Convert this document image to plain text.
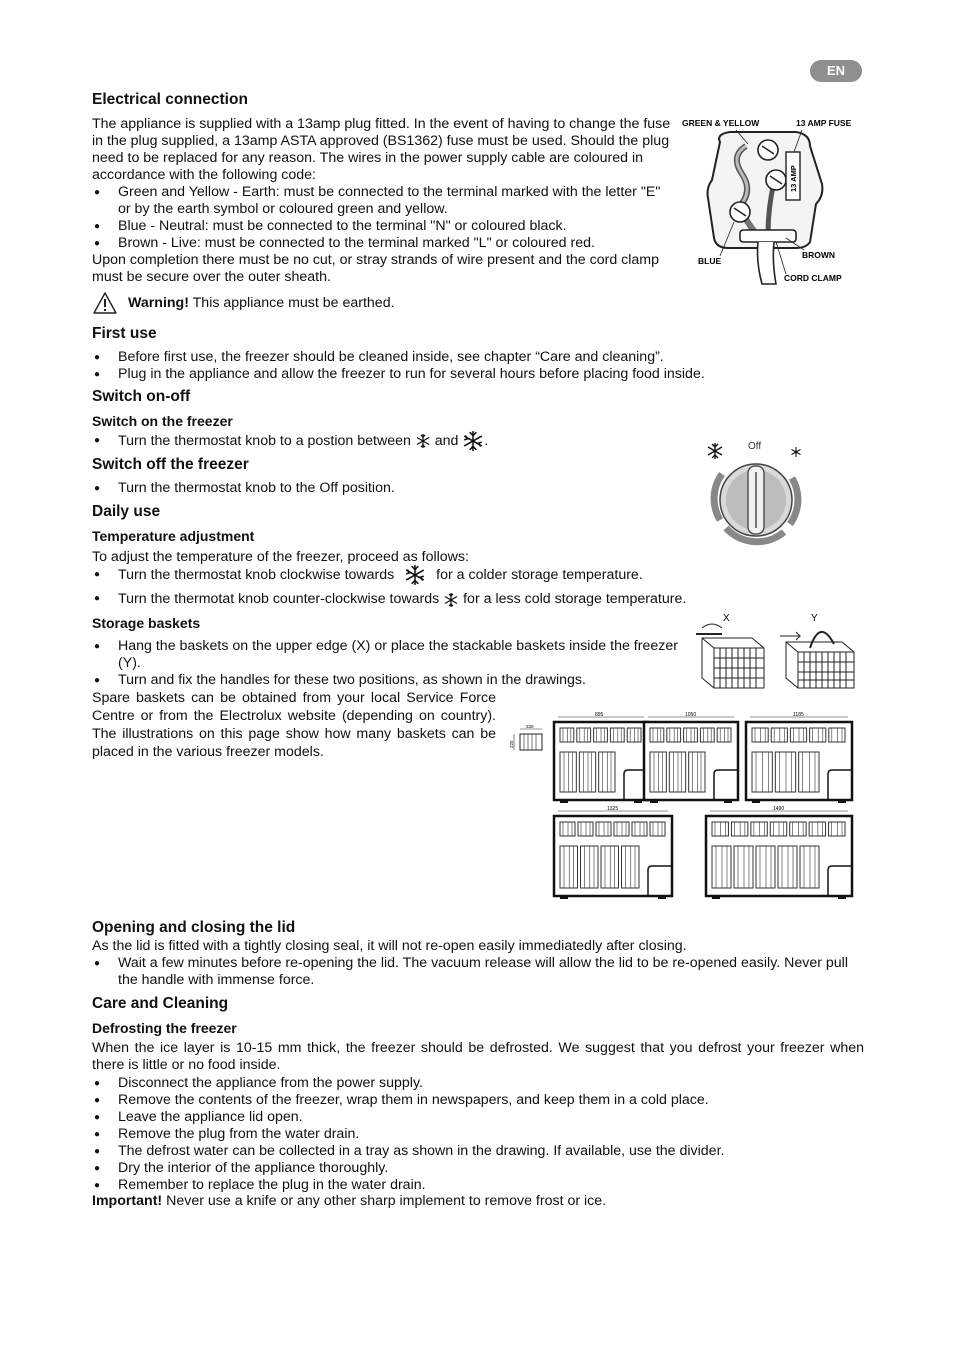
EN
Electrical connection

The appliance is supplied with a 13amp plug fitted. In the event of having to change the fuse in the plug supplied, a 13amp ASTA approved (BS1362) fuse must be used. Should the plug need to be replaced for any reason. The wires in the power supply cable are coloured in accordance with the following code:

● Green and Yellow - Earth: must be connected to the terminal marked with the letter "E" or by the earth symbol or coloured green and yellow.
● Blue - Neutral: must be connected to the terminal "N" or coloured black.
● Brown - Live: must be connected to the terminal marked "L" or coloured red.

Upon completion there must be no cut, or stray strands of wire present and the cord clamp must be secure over the outer sheath.

Warning! This appliance must be earthed.
GREEN & YELLOW	13 AMP FUSE
13 AMP
BLUE
BROWN
CORD CLAMP
First use
● Before first use, the freezer should be cleaned inside, see chapter “Care and cleaning”.
● Plug in the appliance and allow the freezer to run for several hours before placing food inside.
Switch on-off
Switch on the freezer
● Turn the thermostat knob to a postion between and .
Switch off the freezer
● Turn the thermostat knob to the Off position.
Off
Daily use
Temperature adjustment

To adjust the temperature of the freezer, proceed as follows:

● Turn the thermostat knob clockwise towards	for a colder storage temperature.
● Turn the thermotat knob counter-clockwise towards for a less cold storage temperature.
Storage baskets
● Hang the baskets on the upper edge (X) or place the stackable baskets inside the freezer (Y).
● Turn and fix the handles for these two positions, as shown in the drawings.

Spare baskets can be obtained from your local Service Force Centre or from the Electrolux website (depending on country). The illustrations on this page show how many baskets can be placed in the various freezer models.

X	Y
330
225
895	1050	1185
1325	1490
Opening and closing the lid

As the lid is fitted with a tightly closing seal, it will not re-open easily immediatedly after closing.

● Wait a few minutes before re-opening the lid. The vacuum release will allow the lid to be re-opened easily. Never pull the handle with immense force.
Care and Cleaning
Defrosting the freezer

When the ice layer is 10-15 mm thick, the freezer should be defrosted. We suggest that you defrost your freezer when there is little or no food inside.

● Disconnect the appliance from the power supply.
● Remove the contents of the freezer, wrap them in newspapers, and keep them in a cold place.
● Leave the appliance lid open.
● Remove the plug from the water drain.
● The defrost water can be collected in a tray as shown in the drawing. If available, use the divider.
● Dry the interior of the appliance thoroughly.
● Remember to replace the plug in the water drain.

Important! Never use a knife or any other sharp implement to remove frost or ice.
